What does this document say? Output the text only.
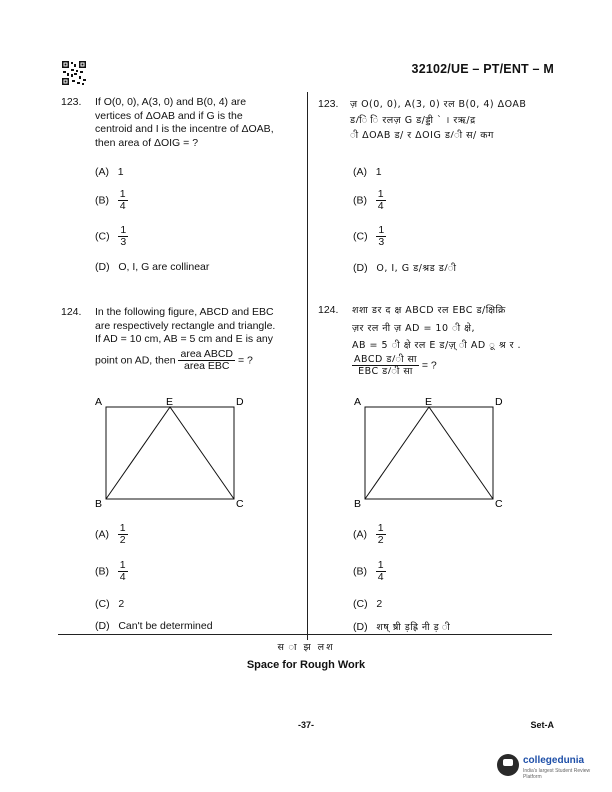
32102/UE – PT/ENT – M
123. If O(0, 0), A(3, 0) and B(0, 4) are
vertices of ΔOAB and if G is the
centroid and I is the incentre of ΔOAB,
then area of ΔOIG = ?
(A) 1
$(B) \frac{1}{4}$
$(C) \frac{1}{3}$
(D) O, I, G are collinear
123. ज़ O(0, 0), A(3, 0) रल B(0, 4) ΔOAB
ड/ि ि रलज़ G ड/ड्डी ` । रऋ/द्र
ी ΔOAB ड/ र ΔOIG ड/ी स/ कग
(A) 1
$(B) \frac{1}{4}$
$(C) \frac{1}{3}$
(D) O, I, G ड/श्रड ड/ी
124. In the following figure, ABCD and EBC
are respectively rectangle and triangle.
If AD = 10 cm, AB = 5 cm and E is any
point on AD, then $\frac{\text{area ABCD}}{\text{area EBC}}$ = ?
A	E	D
B	C
$(A) \frac{1}{2}$
$(B) \frac{1}{4}$
(C) 2
(D) Can't be determined
124. शशा डर द क्ष ABCD रल EBC ड/क्षिक्रि
ज़र रल नी ज़ AD = 10 ी क्षे,
AB = 5 ी क्षे रल E ड/ज़् ी AD ू श्र र .
$\frac{\text{ABCD ड/ी सा}}{\text{EBC ड/ी सा}}$ = ?
A	E	D
B	C
$(A) \frac{1}{2}$
$(B) \frac{1}{4}$
(C) 2
(D) शष् ष्री ड़ह्रि नी ड़ ी
स ा झ लश
Space for Rough Work
-37-	Set-A
collegedunia
India's largest Student Review Platform
